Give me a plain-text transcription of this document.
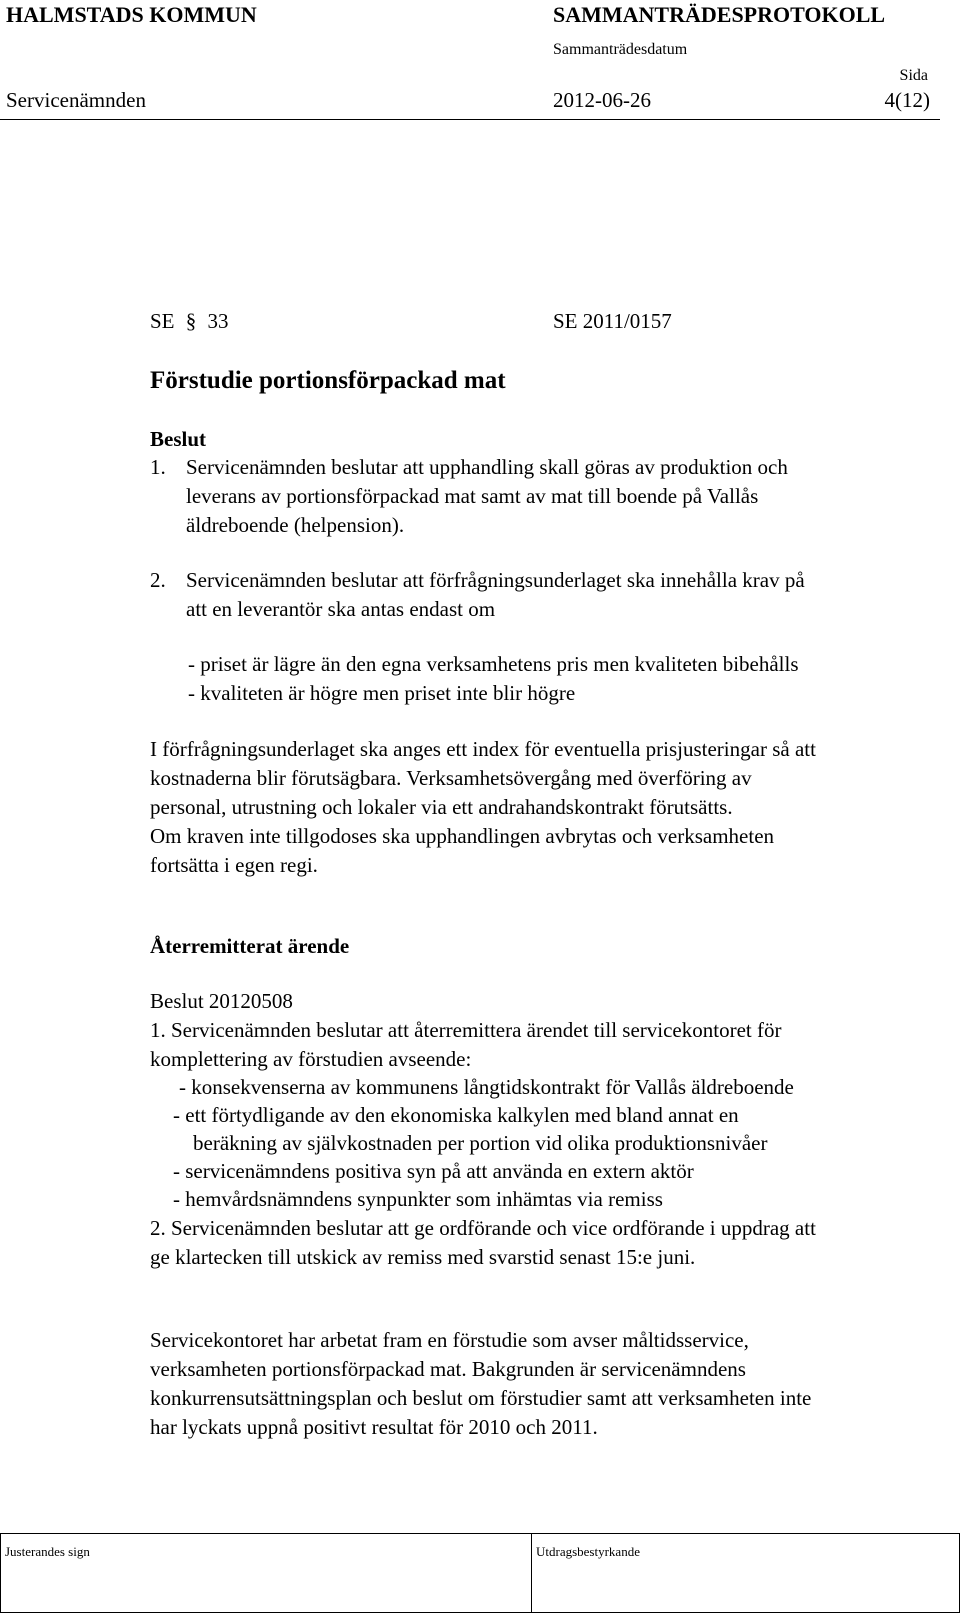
HALMSTADS KOMMUN	SAMMANTRÄDESPROTOKOLL
Sammanträdesdatum
Sida
Servicenämnden	2012-06-26	4(12)
SE § 33	SE 2011/0157
Förstudie portionsförpackad mat
Beslut
1. Servicenämnden beslutar att upphandling skall göras av produktion och
leverans av portionsförpackad mat samt av mat till boende på Vallås
äldreboende (helpension).
2. Servicenämnden beslutar att förfrågningsunderlaget ska innehålla krav på
att en leverantör ska antas endast om
- priset är lägre än den egna verksamhetens pris men kvaliteten bibehålls
- kvaliteten är högre men priset inte blir högre
I förfrågningsunderlaget ska anges ett index för eventuella prisjusteringar så att
kostnaderna blir förutsägbara. Verksamhetsövergång med överföring av
personal, utrustning och lokaler via ett andrahandskontrakt förutsätts.
Om kraven inte tillgodoses ska upphandlingen avbrytas och verksamheten
fortsätta i egen regi.
Återremitterat ärende
Beslut 20120508
1. Servicenämnden beslutar att återremittera ärendet till servicekontoret för
komplettering av förstudien avseende:
- konsekvenserna av kommunens långtidskontrakt för Vallås äldreboende
- ett förtydligande av den ekonomiska kalkylen med bland annat en
beräkning av självkostnaden per portion vid olika produktionsnivåer
- servicenämndens positiva syn på att använda en extern aktör
- hemvårdsnämndens synpunkter som inhämtas via remiss
2. Servicenämnden beslutar att ge ordförande och vice ordförande i uppdrag att
ge klartecken till utskick av remiss med svarstid senast 15:e juni.
Servicekontoret har arbetat fram en förstudie som avser måltidsservice,
verksamheten portionsförpackad mat. Bakgrunden är servicenämndens
konkurrensutsättningsplan och beslut om förstudier samt att verksamheten inte
har lyckats uppnå positivt resultat för 2010 och 2011.
Justerandes sign	Utdragsbestyrkande
